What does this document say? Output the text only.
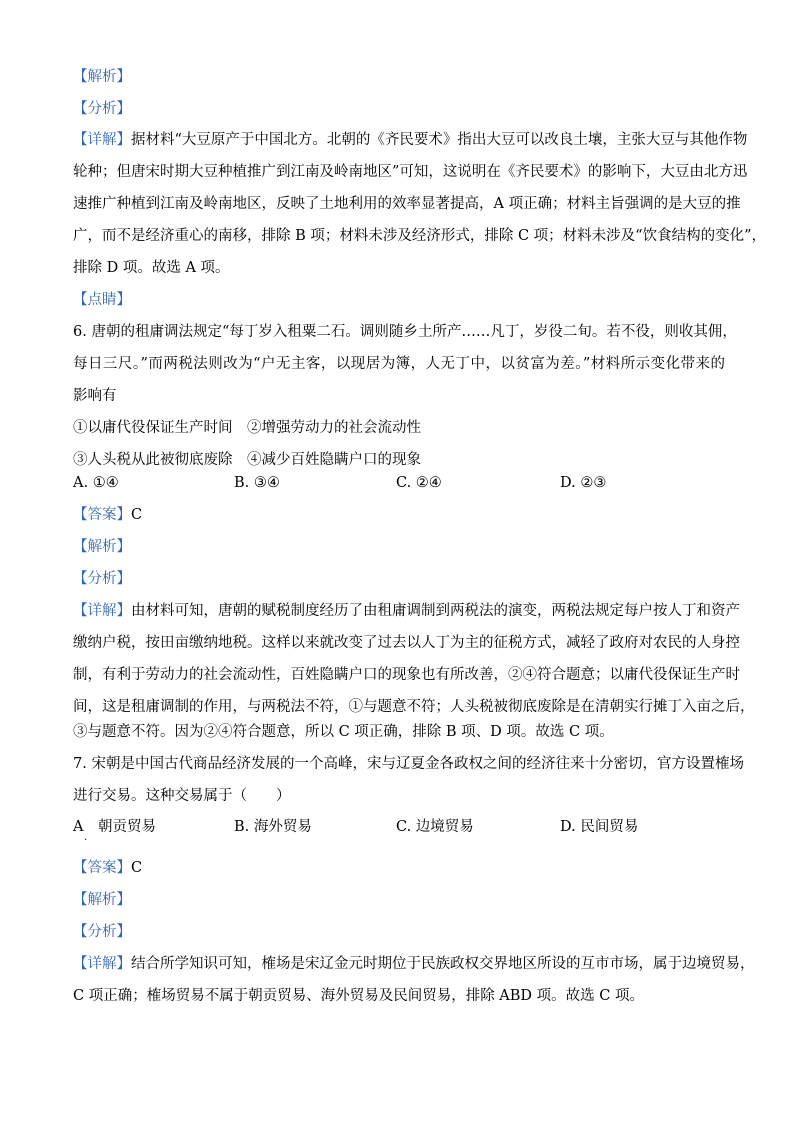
【解析】
【分析】
【详解】据材料“大豆原产于中国北方。北朝的《齐民要术》指出大豆可以改良土壤，主张大豆与其他作物
轮种；但唐宋时期大豆种植推广到江南及岭南地区”可知，这说明在《齐民要术》的影响下，大豆由北方迅
速推广种植到江南及岭南地区，反映了土地利用的效率显著提高，A 项正确；材料主旨强调的是大豆的推
广，而不是经济重心的南移，排除 B 项；材料未涉及经济形式，排除 C 项；材料未涉及“饮食结构的变化”，
排除 D 项。故选 A 项。
【点睛】
6. 唐朝的租庸调法规定“每丁岁入租粟二石。调则随乡土所产……凡丁，岁役二旬。若不役，则收其佣，
每日三尺。”而两税法则改为“户无主客，以现居为簿，人无丁中，以贫富为差。”材料所示变化带来的
影响有
①以庸代役保证生产时间　②增强劳动力的社会流动性
③人头税从此被彻底废除　④减少百姓隐瞒户口的现象
A. ①④	B. ③④	C. ②④	D. ②③
【答案】C
【解析】
【分析】
【详解】由材料可知，唐朝的赋税制度经历了由租庸调制到两税法的演变，两税法规定每户按人丁和资产
缴纳户税，按田亩缴纳地税。这样以来就改变了过去以人丁为主的征税方式，减轻了政府对农民的人身控
制，有利于劳动力的社会流动性，百姓隐瞒户口的现象也有所改善，②④符合题意；以庸代役保证生产时
间，这是租庸调制的作用，与两税法不符，①与题意不符；人头税被彻底废除是在清朝实行摊丁入亩之后，
③与题意不符。因为②④符合题意，所以 C 项正确，排除 B 项、D 项。故选 C 项。
7. 宋朝是中国古代商品经济发展的一个高峰，宋与辽夏金各政权之间的经济往来十分密切，官方设置榷场
进行交易。这种交易属于（　　）
A　朝贡贸易	B. 海外贸易	C. 边境贸易	D. 民间贸易
·
【答案】C
【解析】
【分析】
【详解】结合所学知识可知，榷场是宋辽金元时期位于民族政权交界地区所设的互市市场，属于边境贸易，
C 项正确；榷场贸易不属于朝贡贸易、海外贸易及民间贸易，排除 ABD 项。故选 C 项。
